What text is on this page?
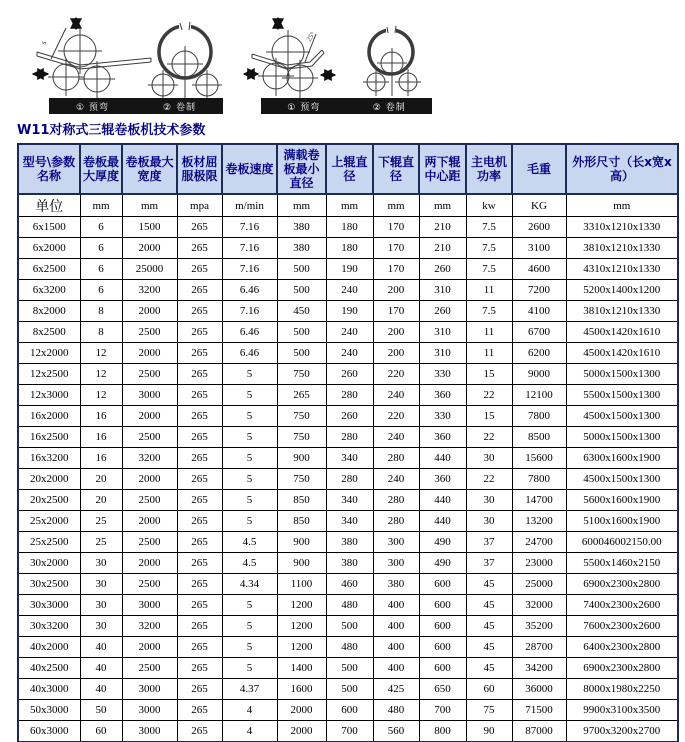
s	25°
① 预弯	② 卷制	① 预弯	② 卷制
W11对称式三辊卷板机技术参数
型号\参数名称	卷板最大厚度	卷板最大宽度	板材屈服极限	卷板速度	满载卷板最小直径	上辊直径	下辊直径	两下辊中心距	主电机功率	毛重	外形尺寸（长x宽x高）
单位	mm	mm	mpa	m/min	mm	mm	mm	mm	kw	KG	mm
6x1500	6	1500	265	7.16	380	180	170	210	7.5	2600	3310x1210x1330
6x2000	6	2000	265	7.16	380	180	170	210	7.5	3100	3810x1210x1330
6x2500	6	25000	265	7.16	500	190	170	260	7.5	4600	4310x1210x1330
6x3200	6	3200	265	6.46	500	240	200	310	11	7200	5200x1400x1200
8x2000	8	2000	265	7.16	450	190	170	260	7.5	4100	3810x1210x1330
8x2500	8	2500	265	6.46	500	240	200	310	11	6700	4500x1420x1610
12x2000	12	2000	265	6.46	500	240	200	310	11	6200	4500x1420x1610
12x2500	12	2500	265	5	750	260	220	330	15	9000	5000x1500x1300
12x3000	12	3000	265	5	265	280	240	360	22	12100	5500x1500x1300
16x2000	16	2000	265	5	750	260	220	330	15	7800	4500x1500x1300
16x2500	16	2500	265	5	750	280	240	360	22	8500	5000x1500x1300
16x3200	16	3200	265	5	900	340	280	440	30	15600	6300x1600x1900
20x2000	20	2000	265	5	750	280	240	360	22	7800	4500x1500x1300
20x2500	20	2500	265	5	850	340	280	440	30	14700	5600x1600x1900
25x2000	25	2000	265	5	850	340	280	440	30	13200	5100x1600x1900
25x2500	25	2500	265	4.5	900	380	300	490	37	24700	600046002150.00
30x2000	30	2000	265	4.5	900	380	300	490	37	23000	5500x1460x2150
30x2500	30	2500	265	4.34	1100	460	380	600	45	25000	6900x2300x2800
30x3000	30	3000	265	5	1200	480	400	600	45	32000	7400x2300x2600
30x3200	30	3200	265	5	1200	500	400	600	45	35200	7600x2300x2600
40x2000	40	2000	265	5	1200	480	400	600	45	28700	6400x2300x2800
40x2500	40	2500	265	5	1400	500	400	600	45	34200	6900x2300x2800
40x3000	40	3000	265	4.37	1600	500	425	650	60	36000	8000x1980x2250
50x3000	50	3000	265	4	2000	600	480	700	75	71500	9900x3100x3500
60x3000	60	3000	265	4	2000	700	560	800	90	87000	9700x3200x2700
